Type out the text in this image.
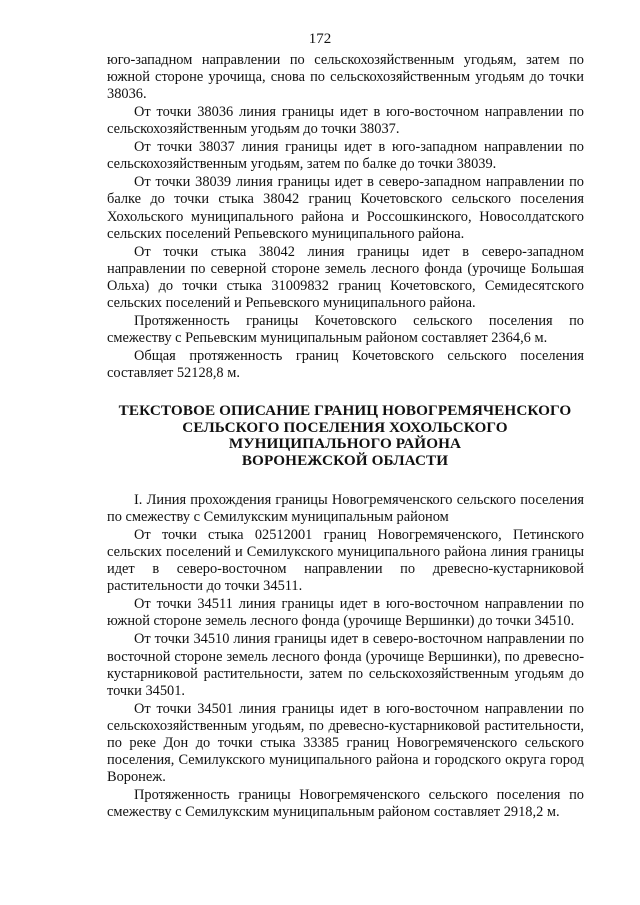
172

юго-западном направлении по сельскохозяйственным угодьям, затем по южной стороне урочища, снова по сельскохозяйственным угодьям до точки 38036.

От точки 38036 линия границы идет в юго-восточном направлении по сельскохозяйственным угодьям до точки 38037.

От точки 38037 линия границы идет в юго-западном направлении по сельскохозяйственным угодьям, затем по балке до точки 38039.

От точки 38039 линия границы идет в северо-западном направлении по балке до точки стыка 38042 границ Кочетовского сельского поселения Хохольского муниципального района и Россошкинского, Новосолдатского сельских поселений Репьевского муниципального района.

От точки стыка 38042 линия границы идет в северо-западном направлении по северной стороне земель лесного фонда (урочище Большая Ольха) до точки стыка 31009832 границ Кочетовского, Семидесятского сельских поселений и Репьевского муниципального района.

Протяженность границы Кочетовского сельского поселения по смежеству с Репьевским муниципальным районом составляет 2364,6 м.

Общая протяженность границ Кочетовского сельского поселения составляет 52128,8 м.

ТЕКСТОВОЕ ОПИСАНИЕ ГРАНИЦ НОВОГРЕМЯЧЕНСКОГО
СЕЛЬСКОГО ПОСЕЛЕНИЯ ХОХОЛЬСКОГО
МУНИЦИПАЛЬНОГО РАЙОНА
ВОРОНЕЖСКОЙ ОБЛАСТИ

I. Линия прохождения границы Новогремяченского сельского поселения по смежеству с Семилукским муниципальным районом

От точки стыка 02512001 границ Новогремяченского, Петинского сельских поселений и Семилукского муниципального района линия границы идет в северо-восточном направлении по древесно-кустарниковой растительности до точки 34511.

От точки 34511 линия границы идет в юго-восточном направлении по южной стороне земель лесного фонда (урочище Вершинки) до точки 34510.

От точки 34510 линия границы идет в северо-восточном направлении по восточной стороне земель лесного фонда (урочище Вершинки), по древесно-кустарниковой растительности, затем по сельскохозяйственным угодьям до точки 34501.

От точки 34501 линия границы идет в юго-восточном направлении по сельскохозяйственным угодьям, по древесно-кустарниковой растительности, по реке Дон до точки стыка 33385 границ Новогремяченского сельского поселения, Семилукского муниципального района и городского округа город Воронеж.

Протяженность границы Новогремяченского сельского поселения по смежеству с Семилукским муниципальным районом составляет 2918,2 м.
